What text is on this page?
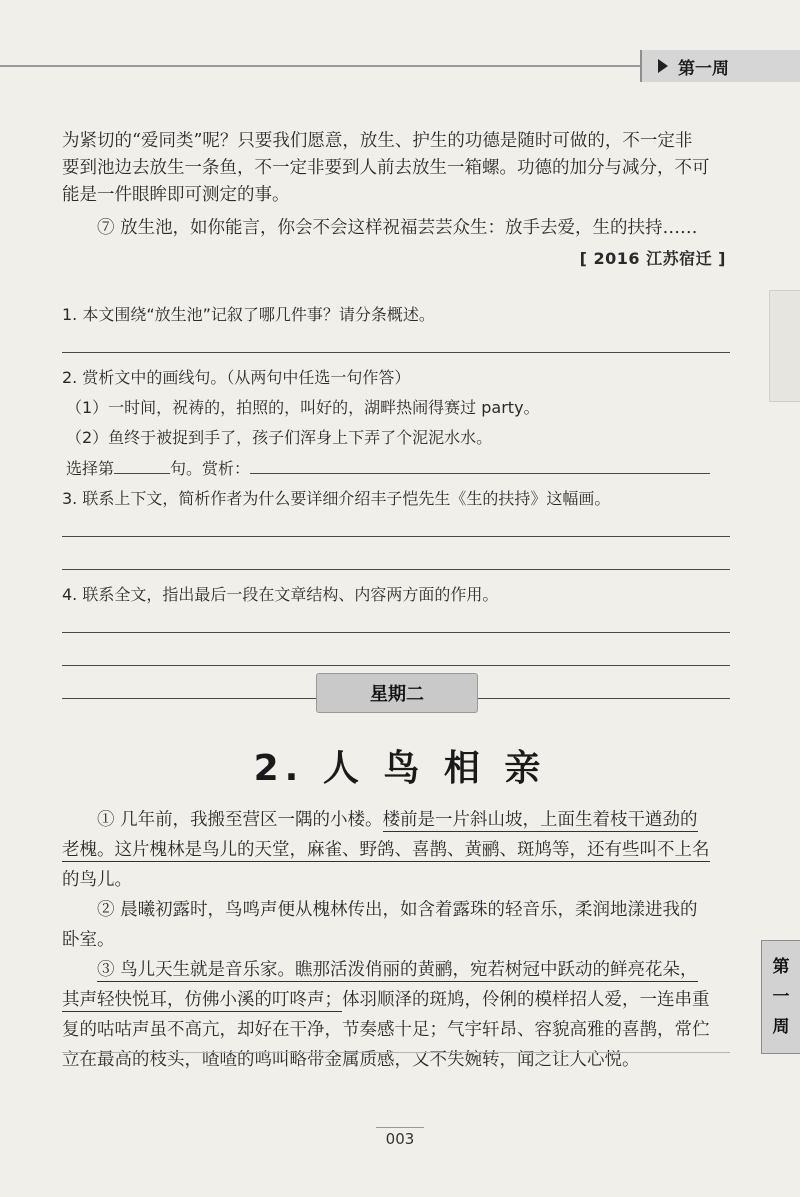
第一周

为紧切的“爱同类”呢？只要我们愿意，放生、护生的功德是随时可做的，不一定非

要到池边去放生一条鱼，不一定非要到人前去放生一箱螺。功德的加分与减分，不可

能是一件眼眸即可测定的事。

⑦ 放生池，如你能言，你会不会这样祝福芸芸众生：放手去爱，生的扶持……

[ 2016 江苏宿迁 ]

1. 本文围绕“放生池”记叙了哪几件事？请分条概述。

2. 赏析文中的画线句。（从两句中任选一句作答）

（1）一时间，祝祷的，拍照的，叫好的，湖畔热闹得赛过 party。

（2）鱼终于被捉到手了，孩子们浑身上下弄了个泥泥水水。

选择第	句。赏析：

3. 联系上下文，简析作者为什么要详细介绍丰子恺先生《生的扶持》这幅画。

4. 联系全文，指出最后一段在文章结构、内容两方面的作用。

星期二
2. 人 鸟 相 亲

① 几年前，我搬至营区一隅的小楼。楼前是一片斜山坡，上面生着枝干遒劲的

老槐。这片槐林是鸟儿的天堂，麻雀、野鸽、喜鹊、黄鹂、斑鸠等，还有些叫不上名

的鸟儿。

② 晨曦初露时，鸟鸣声便从槐林传出，如含着露珠的轻音乐，柔润地漾进我的

卧室。

③ 鸟儿天生就是音乐家。瞧那活泼俏丽的黄鹂，宛若树冠中跃动的鲜亮花朵，

其声轻快悦耳，仿佛小溪的叮咚声；体羽顺泽的斑鸠，伶俐的模样招人爱，一连串重

复的咕咕声虽不高亢，却好在干净，节奏感十足；气宇轩昂、容貌高雅的喜鹊，常伫

立在最高的枝头，喳喳的鸣叫略带金属质感，又不失婉转，闻之让人心悦。

第
一
周
003
